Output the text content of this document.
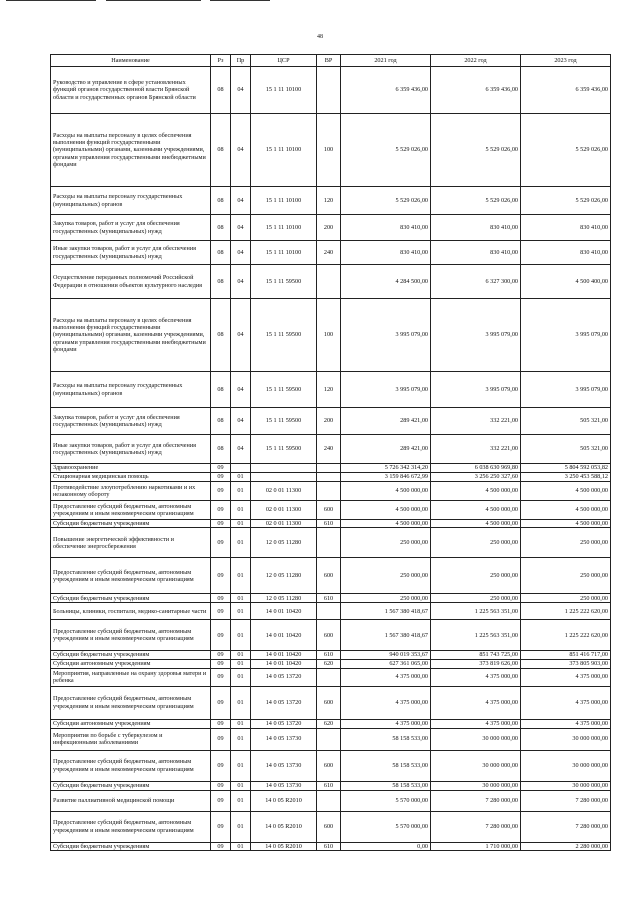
48
Наименование	Рз	Пр	ЦСР	ВР	2021 год	2022 год	2023 год
Руководство и управление в сфере установленных функций органов государственной власти Брянской области и государственных органов Брянской области	08	04	15 1 11 10100		6 359 436,00	6 359 436,00	6 359 436,00
Расходы на выплаты персоналу в целях обеспечения выполнения функций государственными (муниципальными) органами, казенными учреждениями, органами управления государственными внебюджетными фондами	08	04	15 1 11 10100	100	5 529 026,00	5 529 026,00	5 529 026,00
Расходы на выплаты персоналу государственных (муниципальных) органов	08	04	15 1 11 10100	120	5 529 026,00	5 529 026,00	5 529 026,00
Закупка товаров, работ и услуг для обеспечения государственных (муниципальных) нужд	08	04	15 1 11 10100	200	830 410,00	830 410,00	830 410,00
Иные закупки товаров, работ и услуг для обеспечения государственных (муниципальных) нужд	08	04	15 1 11 10100	240	830 410,00	830 410,00	830 410,00
Осуществление переданных полномочий Российской Федерации в отношении объектов культурного наследия	08	04	15 1 11 59500		4 284 500,00	6 327 300,00	4 500 400,00
Расходы на выплаты персоналу в целях обеспечения выполнения функций государственными (муниципальными) органами, казенными учреждениями, органами управления государственными внебюджетными фондами	08	04	15 1 11 59500	100	3 995 079,00	3 995 079,00	3 995 079,00
Расходы на выплаты персоналу государственных (муниципальных) органов	08	04	15 1 11 59500	120	3 995 079,00	3 995 079,00	3 995 079,00
Закупка товаров, работ и услуг для обеспечения государственных (муниципальных) нужд	08	04	15 1 11 59500	200	289 421,00	332 221,00	505 321,00
Иные закупки товаров, работ и услуг для обеспечения государственных (муниципальных) нужд	08	04	15 1 11 59500	240	289 421,00	332 221,00	505 321,00
Здравоохранение	09				5 726 342 314,20	6 038 630 969,80	5 804 592 053,82
Стационарная медицинская помощь	09	01			3 159 846 672,99	3 256 250 327,60	3 250 453 588,12
Противодействие злоупотреблению наркотиками и их незаконному обороту	09	01	02 0 01 11300		4 500 000,00	4 500 000,00	4 500 000,00
Предоставление субсидий бюджетным, автономным учреждениям и иным некоммерческим организациям	09	01	02 0 01 11300	600	4 500 000,00	4 500 000,00	4 500 000,00
Субсидии бюджетным учреждениям	09	01	02 0 01 11300	610	4 500 000,00	4 500 000,00	4 500 000,00
Повышение энергетической эффективности и обеспечение энергосбережения	09	01	12 0 05 11280		250 000,00	250 000,00	250 000,00
Предоставление субсидий бюджетным, автономным учреждениям и иным некоммерческим организациям	09	01	12 0 05 11280	600	250 000,00	250 000,00	250 000,00
Субсидии бюджетным учреждениям	09	01	12 0 05 11280	610	250 000,00	250 000,00	250 000,00
Больницы, клиники, госпитали, медико-санитарные части	09	01	14 0 01 10420		1 567 380 418,67	1 225 563 351,00	1 225 222 620,00
Предоставление субсидий бюджетным, автономным учреждениям и иным некоммерческим организациям	09	01	14 0 01 10420	600	1 567 380 418,67	1 225 563 351,00	1 225 222 620,00
Субсидии бюджетным учреждениям	09	01	14 0 01 10420	610	940 019 353,67	851 743 725,00	851 416 717,00
Субсидии автономным учреждениям	09	01	14 0 01 10420	620	627 361 065,00	373 819 626,00	373 805 903,00
Мероприятия, направленные на охрану здоровья матери и ребенка	09	01	14 0 05 13720		4 375 000,00	4 375 000,00	4 375 000,00
Предоставление субсидий бюджетным, автономным учреждениям и иным некоммерческим организациям	09	01	14 0 05 13720	600	4 375 000,00	4 375 000,00	4 375 000,00
Субсидии автономным учреждениям	09	01	14 0 05 13720	620	4 375 000,00	4 375 000,00	4 375 000,00
Мероприятия по борьбе с туберкулезом и инфекционными заболеваниями	09	01	14 0 05 13730		58 158 533,00	30 000 000,00	30 000 000,00
Предоставление субсидий бюджетным, автономным учреждениям и иным некоммерческим организациям	09	01	14 0 05 13730	600	58 158 533,00	30 000 000,00	30 000 000,00
Субсидии бюджетным учреждениям	09	01	14 0 05 13730	610	58 158 533,00	30 000 000,00	30 000 000,00
Развитие паллиативной медицинской помощи	09	01	14 0 05 R2010		5 570 000,00	7 280 000,00	7 280 000,00
Предоставление субсидий бюджетным, автономным учреждениям и иным некоммерческим организациям	09	01	14 0 05 R2010	600	5 570 000,00	7 280 000,00	7 280 000,00
Субсидии бюджетным учреждениям	09	01	14 0 05 R2010	610	0,00	1 710 000,00	2 280 000,00
